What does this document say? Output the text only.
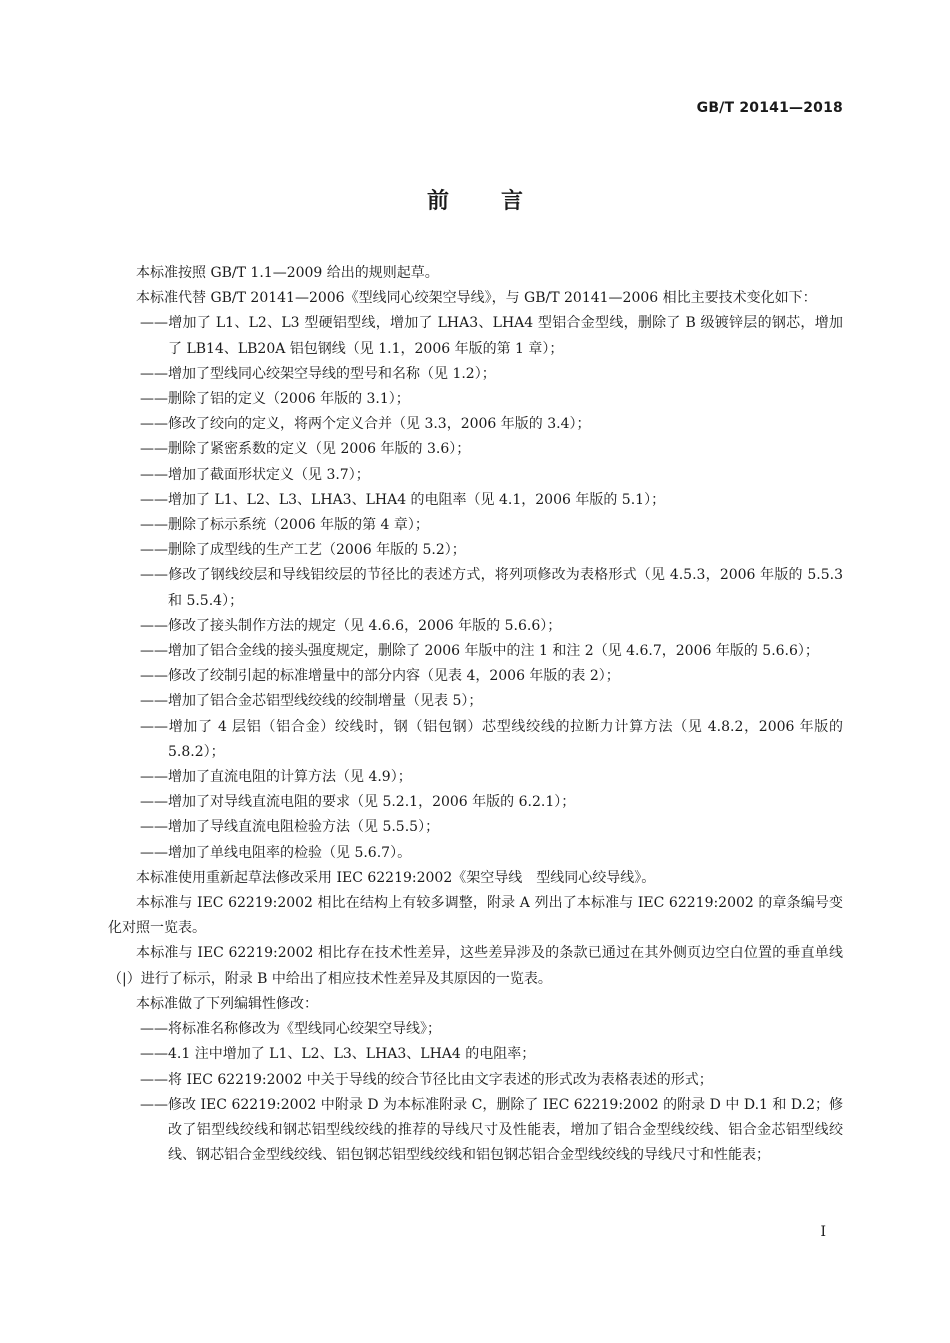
GB/T 20141—2018
前言

本标准按照 GB/T 1.1—2009 给出的规则起草。

本标准代替 GB/T 20141—2006《型线同心绞架空导线》，与 GB/T 20141—2006 相比主要技术变化如下：

——增加了 L1、L2、L3 型硬铝型线，增加了 LHA3、LHA4 型铝合金型线，删除了 B 级镀锌层的钢芯，增加了 LB14、LB20A 铝包钢线（见 1.1，2006 年版的第 1 章）；

——增加了型线同心绞架空导线的型号和名称（见 1.2）；

——删除了铝的定义（2006 年版的 3.1）；

——修改了绞向的定义，将两个定义合并（见 3.3，2006 年版的 3.4）；

——删除了紧密系数的定义（见 2006 年版的 3.6）；

——增加了截面形状定义（见 3.7）；

——增加了 L1、L2、L3、LHA3、LHA4 的电阻率（见 4.1，2006 年版的 5.1）；

——删除了标示系统（2006 年版的第 4 章）；

——删除了成型线的生产工艺（2006 年版的 5.2）；

——修改了钢线绞层和导线铝绞层的节径比的表述方式，将列项修改为表格形式（见 4.5.3，2006 年版的 5.5.3 和 5.5.4）；

——修改了接头制作方法的规定（见 4.6.6，2006 年版的 5.6.6）；

——增加了铝合金线的接头强度规定，删除了 2006 年版中的注 1 和注 2（见 4.6.7，2006 年版的 5.6.6）；

——修改了绞制引起的标准增量中的部分内容（见表 4，2006 年版的表 2）；

——增加了铝合金芯铝型线绞线的绞制增量（见表 5）；

——增加了 4 层铝（铝合金）绞线时，钢（铝包钢）芯型线绞线的拉断力计算方法（见 4.8.2，2006 年版的 5.8.2）；

——增加了直流电阻的计算方法（见 4.9）；

——增加了对导线直流电阻的要求（见 5.2.1，2006 年版的 6.2.1）；

——增加了导线直流电阻检验方法（见 5.5.5）；

——增加了单线电阻率的检验（见 5.6.7）。

本标准使用重新起草法修改采用 IEC 62219:2002《架空导线　型线同心绞导线》。

本标准与 IEC 62219:2002 相比在结构上有较多调整，附录 A 列出了本标准与 IEC 62219:2002 的章条编号变化对照一览表。

本标准与 IEC 62219:2002 相比存在技术性差异，这些差异涉及的条款已通过在其外侧页边空白位置的垂直单线（|）进行了标示，附录 B 中给出了相应技术性差异及其原因的一览表。

本标准做了下列编辑性修改：

——将标准名称修改为《型线同心绞架空导线》；

——4.1 注中增加了 L1、L2、L3、LHA3、LHA4 的电阻率；

——将 IEC 62219:2002 中关于导线的绞合节径比由文字表述的形式改为表格表述的形式；

——修改 IEC 62219:2002 中附录 D 为本标准附录 C，删除了 IEC 62219:2002 的附录 D 中 D.1 和 D.2；修改了铝型线绞线和钢芯铝型线绞线的推荐的导线尺寸及性能表，增加了铝合金型线绞线、铝合金芯铝型线绞线、钢芯铝合金型线绞线、铝包钢芯铝型线绞线和铝包钢芯铝合金型线绞线的导线尺寸和性能表；

I
